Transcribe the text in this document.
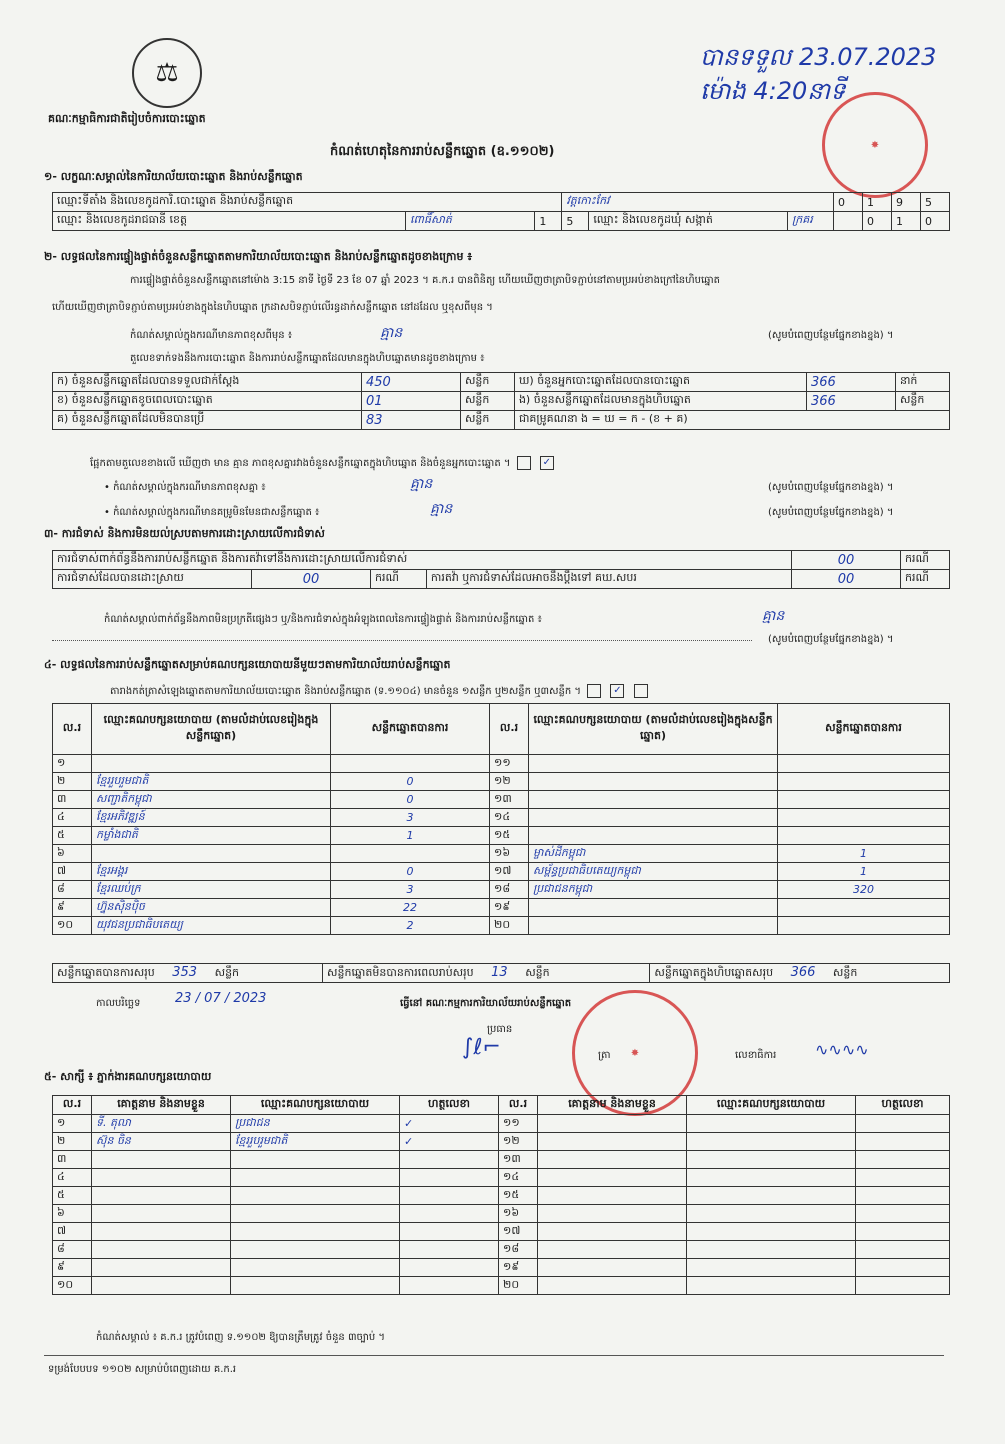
⚖
គណៈកម្មាធិការជាតិរៀបចំការបោះឆ្នោត
បានទទួល 23.07.2023 ម៉ោង 4:20នាទី
✸
កំណត់ហេតុនៃការរាប់សន្លឹកឆ្នោត (ឧ.១១០២)
១- លក្ខណៈសម្គាល់នៃការិយាល័យបោះឆ្នោត និងរាប់សន្លឹកឆ្នោត
ឈ្មោះទីតាំង និងលេខកូដការិ.បោះឆ្នោត និងរាប់សន្លឹកឆ្នោត			វត្តកោះកែវ			0	1	9	5
ឈ្មោះ និងលេខកូដរាជធានី ខេត្ត	ពោធិ៍សាត់	1	5	ឈ្មោះ និងលេខកូដឃុំ សង្កាត់	ក្រគរ		0	1	0
២- លទ្ធផលនៃការផ្ទៀងផ្ទាត់ចំនួនសន្លឹកឆ្នោតតាមការិយាល័យបោះឆ្នោត និងរាប់សន្លឹកឆ្នោតដូចខាងក្រោម ៖
ការផ្ទៀងផ្ទាត់ចំនួនសន្លឹកឆ្នោតនៅម៉ោង 3:15 នាទី ថ្ងៃទី 23 ខែ 07 ឆ្នាំ 2023 ។ គ.ក.រ បានពិនិត្យ ហើយឃើញថាត្រាបិទភ្ជាប់នៅតាមប្រអប់ខាងក្រៅនៃហិបឆ្នោត
ហើយឃើញថាត្រាបិទភ្ជាប់តាមប្រអប់ខាងក្នុងនៃហិបឆ្នោត ក្រដាសបិទភ្ជាប់លើរន្ធដាក់សន្លឹកឆ្នោត នៅដដែល ឬខុសពីមុន ។
កំណត់សម្គាល់ក្នុងករណីមានភាពខុសពីមុន ៖	គ្មាន	(សូមបំពេញបន្ថែមផ្នែកខាងខ្នង) ។
តួលេខទាក់ទងនឹងការបោះឆ្នោត និងការរាប់សន្លឹកឆ្នោតដែលមានក្នុងហិបឆ្នោតមានដូចខាងក្រោម ៖
ក) ចំនួនសន្លឹកឆ្នោតដែលបានទទួលជាក់ស្តែង	450	សន្លឹក	ឃ) ចំនួនអ្នកបោះឆ្នោតដែលបានបោះឆ្នោត	366	នាក់
ខ) ចំនួនសន្លឹកឆ្នោតខូចពេលបោះឆ្នោត	01	សន្លឹក	ង) ចំនួនសន្លឹកឆ្នោតដែលមានក្នុងហិបឆ្នោត	366	សន្លឹក
គ) ចំនួនសន្លឹកឆ្នោតដែលមិនបានប្រើ	83	សន្លឹក	ជាគម្រូគណនា ង = ឃ = ក - (ខ + គ)		
ផ្អែកតាមតួលេខខាងលើ ឃើញថា មាន គ្មាន ភាពខុសគ្នារវាងចំនួនសន្លឹកឆ្នោតក្នុងហិបឆ្នោត និងចំនួនអ្នកបោះឆ្នោត ។	✓
• កំណត់សម្គាល់ក្នុងករណីមានភាពខុសគ្នា ៖	គ្មាន	(សូមបំពេញបន្ថែមផ្នែកខាងខ្នង) ។
• កំណត់សម្គាល់ក្នុងករណីមានគម្រូមិនមែនជាសន្លឹកឆ្នោត ៖	គ្មាន	(សូមបំពេញបន្ថែមផ្នែកខាងខ្នង) ។
៣- ការជំទាស់ និងការមិនយល់ស្របតាមការដោះស្រាយលើការជំទាស់
ការជំទាស់ពាក់ព័ន្ធនឹងការរាប់សន្លឹកឆ្នោត និងការតវ៉ាទៅនឹងការដោះស្រាយលើការជំទាស់				00	ករណី
ការជំទាស់ដែលបានដោះស្រាយ	00	ករណី	ការតវ៉ា ឬការជំទាស់ដែលអាចនឹងប្តឹងទៅ គឃ.សបរ	00	ករណី
កំណត់សម្គាល់ពាក់ព័ន្ធនឹងភាពមិនប្រក្រតីផ្សេងៗ ឬ/និងការជំទាស់ក្នុងអំឡុងពេលនៃការផ្ទៀងផ្ទាត់ និងការរាប់សន្លឹកឆ្នោត ៖	គ្មាន
(សូមបំពេញបន្ថែមផ្នែកខាងខ្នង) ។
៤- លទ្ធផលនៃការរាប់សន្លឹកឆ្នោតសម្រាប់គណបក្សនយោបាយនីមួយៗតាមការិយាល័យរាប់សន្លឹកឆ្នោត
តារាងកត់ត្រាសំឡេងឆ្នោតតាមការិយាល័យបោះឆ្នោត និងរាប់សន្លឹកឆ្នោត (ទ.១១០៤) មានចំនួន ១សន្លឹក ឬ២សន្លឹក ឬ៣សន្លឹក ។	✓
ល.រ	ឈ្មោះគណបក្សនយោបាយ (តាមលំដាប់លេខរៀងក្នុងសន្លឹកឆ្នោត)	សន្លឹកឆ្នោតបានការ	ល.រ	ឈ្មោះគណបក្សនយោបាយ (តាមលំដាប់លេខរៀងក្នុងសន្លឹកឆ្នោត)	សន្លឹកឆ្នោតបានការ
១			១១		
២	ខ្មែររួបរួមជាតិ	0	១២		
៣	សញ្ជាតិកម្ពុជា	0	១៣		
៤	ខ្មែរអភិវឌ្ឍន៍	3	១៤		
៥	កម្លាំងជាតិ	1	១៥		
៦			១៦	ម្ចាស់ដីកម្ពុជា	1
៧	ខ្មែរអង្គរ	0	១៧	សម្ព័ន្ធប្រជាធិបតេយ្យកម្ពុជា	1
៨	ខ្មែរឈប់ក្រ	3	១៨	ប្រជាជនកម្ពុជា	320
៩	ហ្វ៊ុនស៊ិនប៉ិច	22	១៩		
១០	យុវជនប្រជាធិបតេយ្យ	2	២០		
សន្លឹកឆ្នោតបានការសរុប 353 សន្លឹក	សន្លឹកឆ្នោតមិនបានការពេលរាប់សរុប 13 សន្លឹក	សន្លឹកឆ្នោតក្នុងហិបឆ្នោតសរុប 366 សន្លឹក
កាលបរិច្ឆេទ	23 / 07 / 2023	ធ្វើនៅ គណៈកម្មការការិយាល័យរាប់សន្លឹកឆ្នោត
ប្រធាន
∫ℓ⌐	ត្រា	✸	លេខាធិការ ∿∿∿∿
៥- សាក្សី ៖ ភ្នាក់ងារគណបក្សនយោបាយ
ល.រ	គោត្តនាម និងនាមខ្លួន	ឈ្មោះគណបក្សនយោបាយ	ហត្ថលេខា	ល.រ	គោត្តនាម និងនាមខ្លួន	ឈ្មោះគណបក្សនយោបាយ	ហត្ថលេខា
១	ទី. តុលា	ប្រជាជន	✓	១១			
២	ស៊ុន ចិន	ខ្មែររួបរួមជាតិ	✓	១២			
៣				១៣			
៤				១៤			
៥				១៥			
៦				១៦			
៧				១៧			
៨				១៨			
៩				១៩			
១០				២០			
កំណត់សម្គាល់ ៖ គ.ក.រ ត្រូវបំពេញ ទ.១១០២ ឱ្យបានត្រឹមត្រូវ ចំនួន ៣ច្បាប់ ។
ទម្រង់បែបបទ ១១០២ សម្រាប់បំពេញដោយ គ.ក.រ
